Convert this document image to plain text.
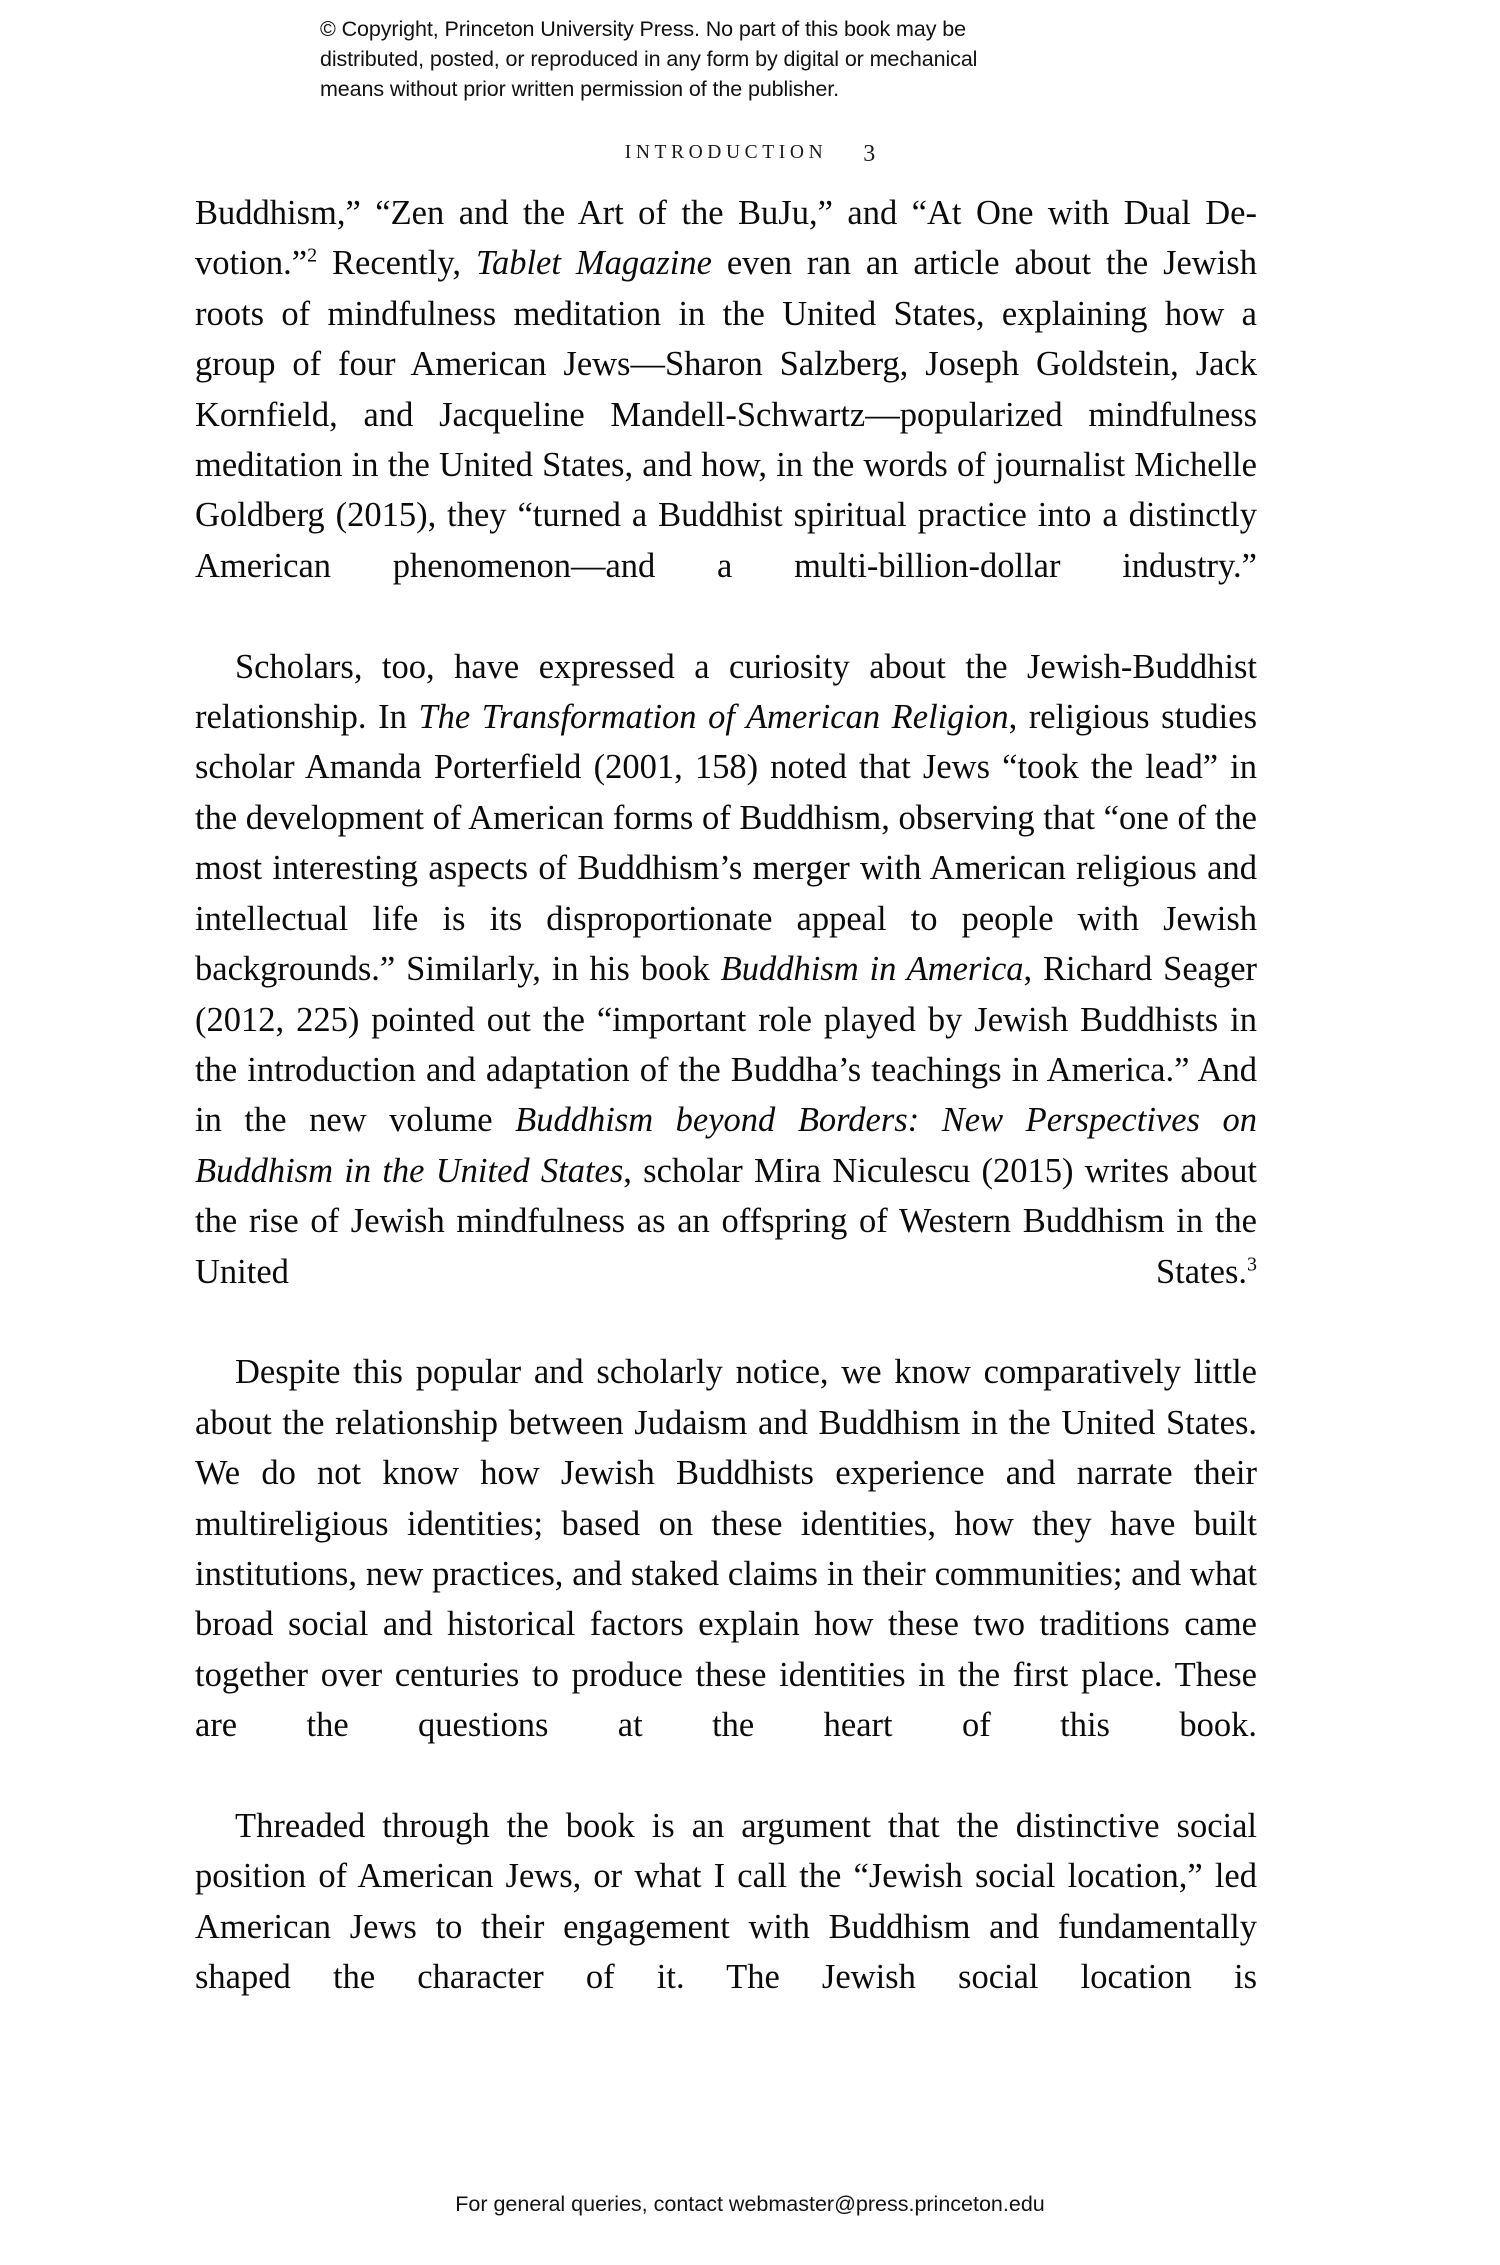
© Copyright, Princeton University Press. No part of this book may be
distributed, posted, or reproduced in any form by digital or mechanical
means without prior written permission of the publisher.
INTRODUCTION 3

Buddhism,” “Zen and the Art of the BuJu,” and “At One with Dual De-votion.”$^2$ Recently, Tablet Magazine even ran an article about the Jewish roots of mindfulness meditation in the United States, explaining how a group of four American Jews—Sharon Salzberg, Joseph Goldstein, Jack Kornfield, and Jacqueline Mandell-Schwartz—popularized mindfulness meditation in the United States, and how, in the words of journalist Michelle Goldberg (2015), they “turned a Buddhist spiritual practice into a distinctly American phenomenon—and a multi-billion-dollar industry.”

Scholars, too, have expressed a curiosity about the Jewish-Buddhist relationship. In The Transformation of American Religion, religious studies scholar Amanda Porterfield (2001, 158) noted that Jews “took the lead” in the development of American forms of Buddhism, observing that “one of the most interesting aspects of Buddhism’s merger with American religious and intellectual life is its disproportionate appeal to people with Jewish backgrounds.” Similarly, in his book Buddhism in America, Richard Seager (2012, 225) pointed out the “important role played by Jewish Buddhists in the introduction and adaptation of the Buddha’s teachings in America.” And in the new volume Buddhism beyond Borders: New Perspectives on Buddhism in the United States, scholar Mira Niculescu (2015) writes about the rise of Jewish mindfulness as an offspring of Western Buddhism in the United States.$^3$

Despite this popular and scholarly notice, we know comparatively little about the relationship between Judaism and Buddhism in the United States. We do not know how Jewish Buddhists experience and narrate their multireligious identities; based on these identities, how they have built institutions, new practices, and staked claims in their communities; and what broad social and historical factors explain how these two traditions came together over centuries to produce these identities in the first place. These are the questions at the heart of this book.

Threaded through the book is an argument that the distinctive social position of American Jews, or what I call the “Jewish social location,” led American Jews to their engagement with Buddhism and fundamentally shaped the character of it. The Jewish social location is

For general queries, contact webmaster@press.princeton.edu
